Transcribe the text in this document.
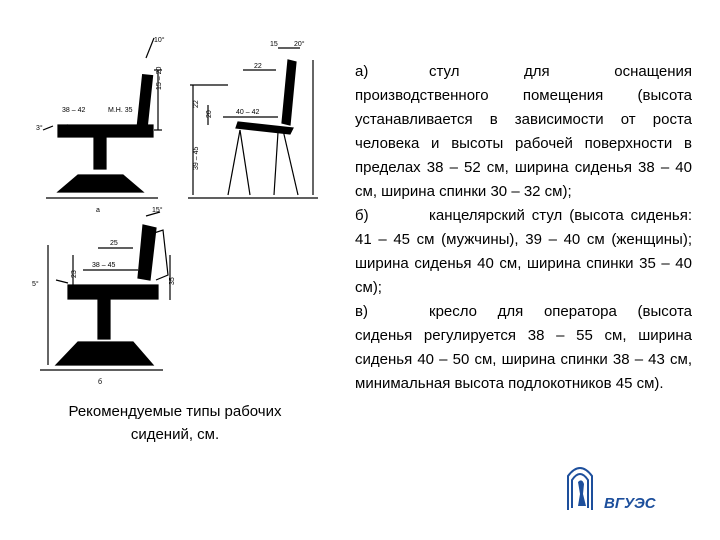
а
10°
3°
38 – 42	М.Н. 35
15 – 20
15 20°
22
40 – 42
20
22
39 – 45
б
5°
38 – 45
25
23
35
15°
Рекомендуемые типы рабочих
сидений, см.

а)	стул для оснащения производственного помещения (высота устанавливается в зависимости от роста человека и высоты рабочей поверхности в пределах 38 – 52 см, ширина сиденья 38 – 40 см, ширина спинки 30 – 32 см);

б)	канцелярский стул (высота сиденья: 41 – 45 см (мужчины), 39 – 40 см (женщины); ширина сиденья 40 см, ширина спинки 35 – 40 см);

в)	кресло для оператора (высота сиденья регулируется 38 – 55 см, ширина сиденья 40 – 50 см, ширина спинки 38 – 43 см, минимальная высота подлокотников 45 см).

ВГУЭС
